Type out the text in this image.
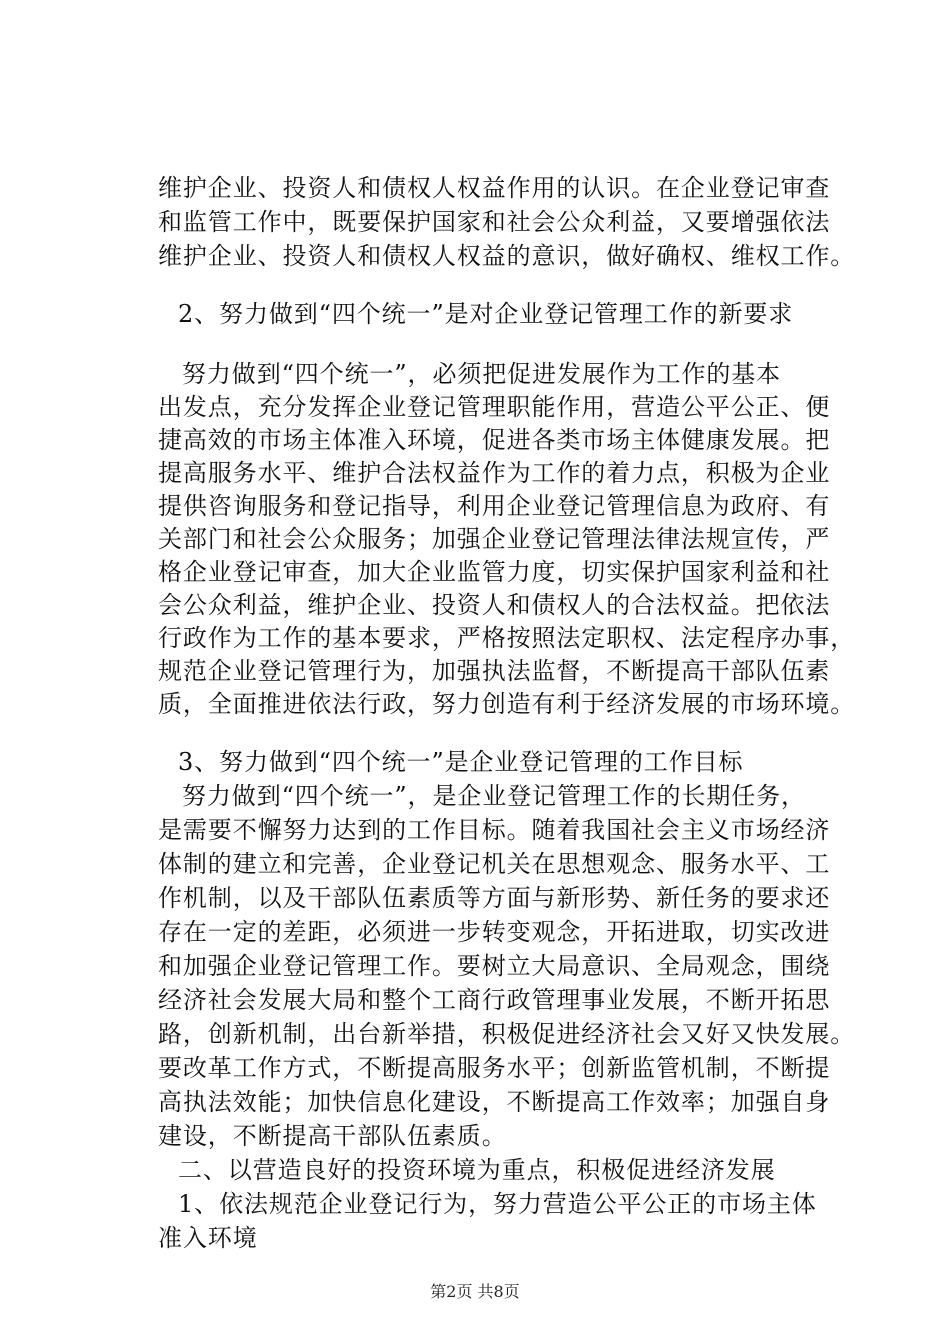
维护企业、投资人和债权人权益作用的认识。在企业登记审查
和监管工作中，既要保护国家和社会公众利益，又要增强依法
维护企业、投资人和债权人权益的意识，做好确权、维权工作。
2、努力做到“四个统一”是对企业登记管理工作的新要求
努力做到“四个统一”，必须把促进发展作为工作的基本
出发点，充分发挥企业登记管理职能作用，营造公平公正、便
捷高效的市场主体准入环境，促进各类市场主体健康发展。把
提高服务水平、维护合法权益作为工作的着力点，积极为企业
提供咨询服务和登记指导，利用企业登记管理信息为政府、有
关部门和社会公众服务；加强企业登记管理法律法规宣传，严
格企业登记审查，加大企业监管力度，切实保护国家利益和社
会公众利益，维护企业、投资人和债权人的合法权益。把依法
行政作为工作的基本要求，严格按照法定职权、法定程序办事，
规范企业登记管理行为，加强执法监督，不断提高干部队伍素
质，全面推进依法行政，努力创造有利于经济发展的市场环境。
3、努力做到“四个统一”是企业登记管理的工作目标
努力做到“四个统一”，是企业登记管理工作的长期任务，
是需要不懈努力达到的工作目标。随着我国社会主义市场经济
体制的建立和完善，企业登记机关在思想观念、服务水平、工
作机制，以及干部队伍素质等方面与新形势、新任务的要求还
存在一定的差距，必须进一步转变观念，开拓进取，切实改进
和加强企业登记管理工作。要树立大局意识、全局观念，围绕
经济社会发展大局和整个工商行政管理事业发展，不断开拓思
路，创新机制，出台新举措，积极促进经济社会又好又快发展。
要改革工作方式，不断提高服务水平；创新监管机制，不断提
高执法效能；加快信息化建设，不断提高工作效率；加强自身
建设，不断提高干部队伍素质。
二、以营造良好的投资环境为重点，积极促进经济发展
1、依法规范企业登记行为，努力营造公平公正的市场主体
准入环境
第2页 共8页
